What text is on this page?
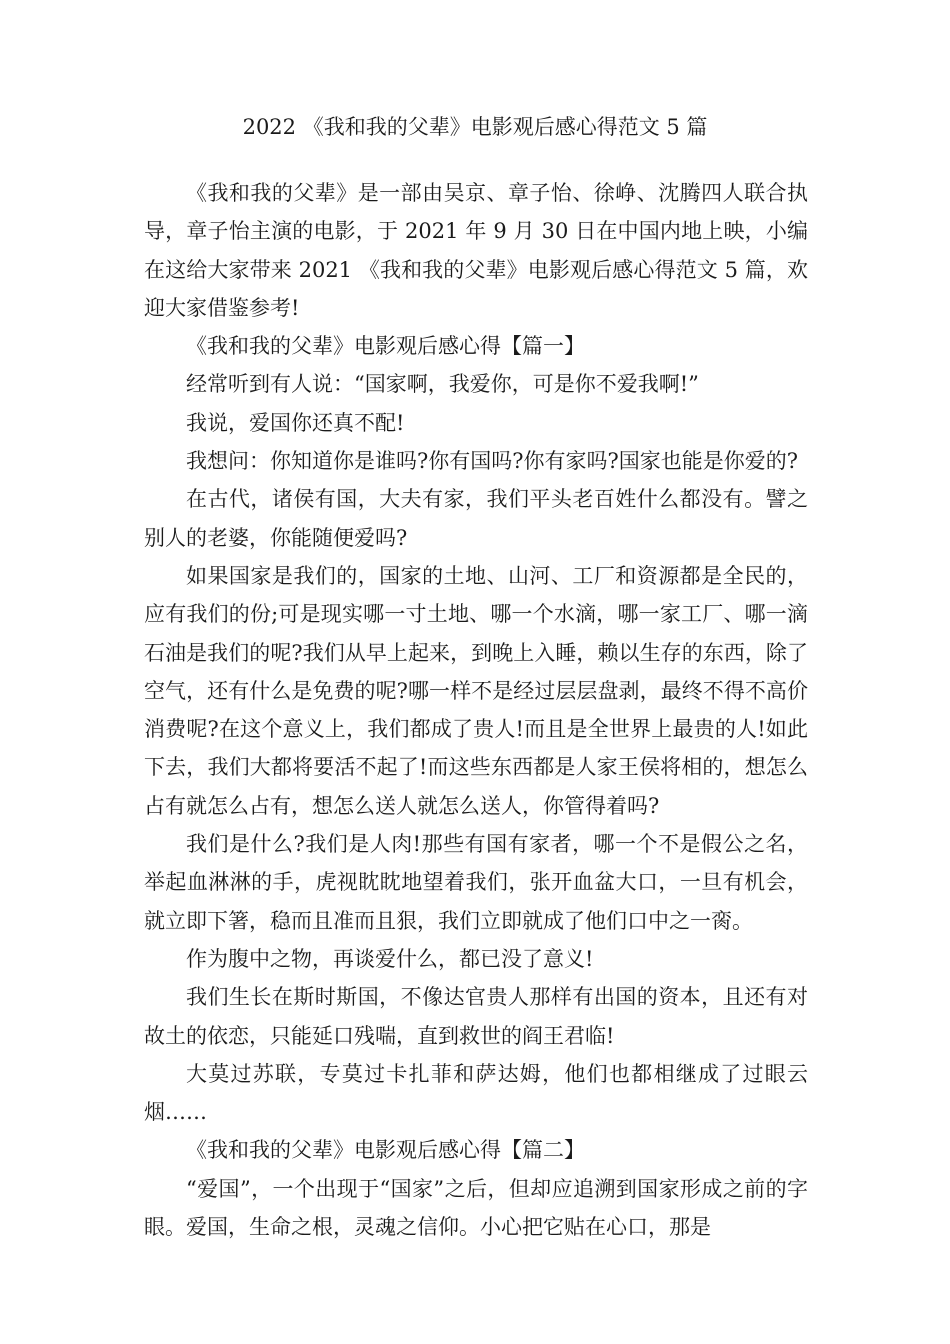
2022 《我和我的父辈》电影观后感心得范文 5 篇

《我和我的父辈》是一部由吴京、章子怡、徐峥、沈腾四人联合执导，章子怡主演的电影，于 2021 年 9 月 30 日在中国内地上映，小编在这给大家带来 2021 《我和我的父辈》电影观后感心得范文 5 篇，欢迎大家借鉴参考!

《我和我的父辈》电影观后感心得【篇一】

经常听到有人说：“国家啊，我爱你，可是你不爱我啊!”

我说，爱国你还真不配!

我想问：你知道你是谁吗?你有国吗?你有家吗?国家也能是你爱的?

在古代，诸侯有国，大夫有家，我们平头老百姓什么都没有。譬之别人的老婆，你能随便爱吗?

如果国家是我们的，国家的土地、山河、工厂和资源都是全民的，应有我们的份;可是现实哪一寸土地、哪一个水滴，哪一家工厂、哪一滴石油是我们的呢?我们从早上起来，到晚上入睡，赖以生存的东西，除了空气，还有什么是免费的呢?哪一样不是经过层层盘剥，最终不得不高价消费呢?在这个意义上，我们都成了贵人!而且是全世界上最贵的人!如此下去，我们大都将要活不起了!而这些东西都是人家王侯将相的，想怎么占有就怎么占有，想怎么送人就怎么送人，你管得着吗?

我们是什么?我们是人肉!那些有国有家者，哪一个不是假公之名，举起血淋淋的手，虎视眈眈地望着我们，张开血盆大口，一旦有机会，就立即下箸，稳而且准而且狠，我们立即就成了他们口中之一脔。

作为腹中之物，再谈爱什么，都已没了意义!

我们生长在斯时斯国，不像达官贵人那样有出国的资本，且还有对故土的依恋，只能延口残喘，直到救世的阎王君临!

大莫过苏联，专莫过卡扎菲和萨达姆，他们也都相继成了过眼云烟……

《我和我的父辈》电影观后感心得【篇二】

“爱国”，一个出现于“国家”之后，但却应追溯到国家形成之前的字眼。爱国，生命之根，灵魂之信仰。小心把它贴在心口，那是
